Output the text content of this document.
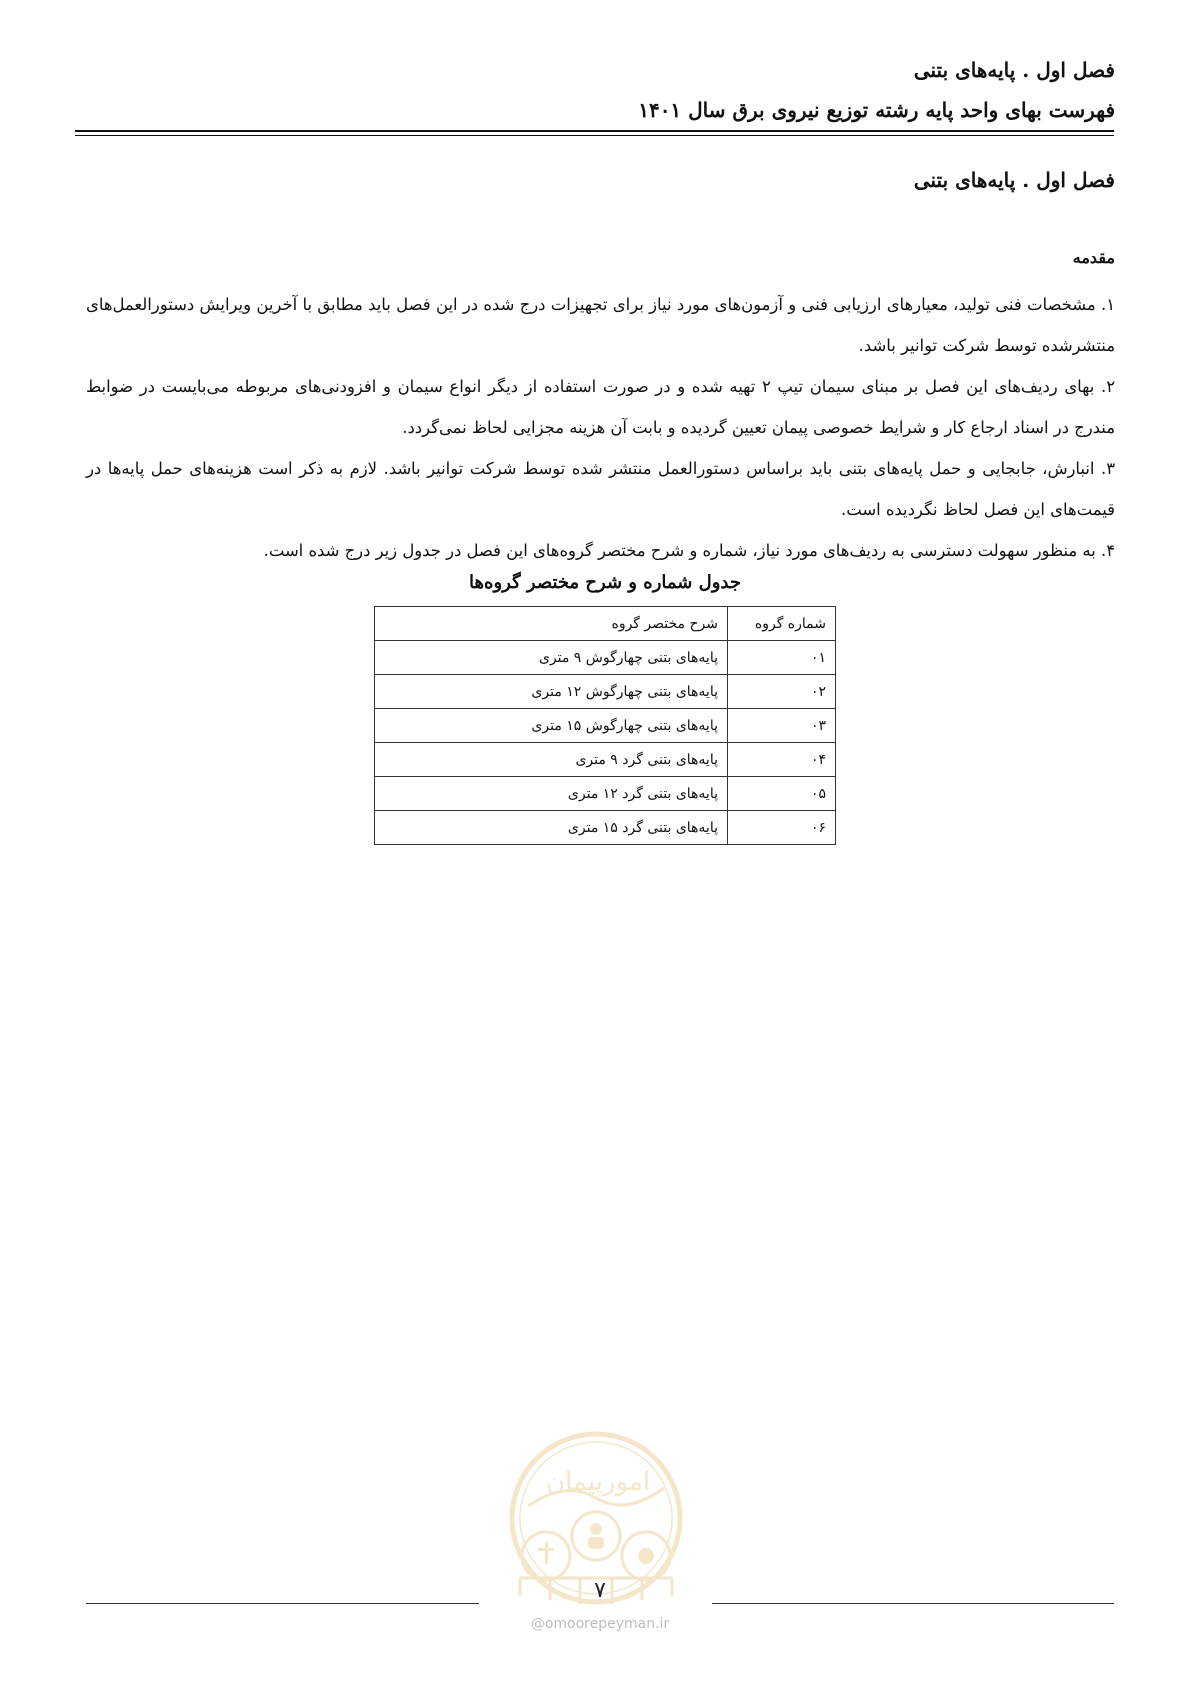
فصل اول . پایه‌های بتنی
فهرست بهای واحد پایه رشته توزیع نیروی برق سال ۱۴۰۱
فصل اول . پایه‌های بتنی
مقدمه

۱. مشخصات فنی تولید، معیارهای ارزیابی فنی و آزمون‌های مورد نیاز برای تجهیزات درج شده در این فصل باید مطابق با آخرین ویرایش دستورالعمل‌های منتشرشده توسط شرکت توانیر باشد.

۲. بهای ردیف‌های این فصل بر مبنای سیمان تیپ ۲ تهیه شده و در صورت استفاده از دیگر انواع سیمان و افزودنی‌های مربوطه می‌بایست در ضوابط مندرج در اسناد ارجاع کار و شرایط خصوصی پیمان تعیین گردیده و بابت آن هزینه مجزایی لحاظ نمی‌گردد.

۳. انبارش، جابجایی و حمل پایه‌های بتنی باید براساس دستورالعمل منتشر شده توسط شرکت توانیر باشد. لازم به ذکر است هزینه‌های حمل پایه‌ها در قیمت‌های این فصل لحاظ نگردیده است.

۴. به منظور سهولت دسترسی به ردیف‌های مورد نیاز، شماره و شرح مختصر گروه‌های این فصل در جدول زیر درج شده است.

جدول شماره و شرح مختصر گروه‌ها
شماره گروه	شرح مختصر گروه
۰۱	پایه‌های بتنی چهارگوش ۹ متری
۰۲	پایه‌های بتنی چهارگوش ۱۲ متری
۰۳	پایه‌های بتنی چهارگوش ۱۵ متری
۰۴	پایه‌های بتنی گرد ۹ متری
۰۵	پایه‌های بتنی گرد ۱۲ متری
۰۶	پایه‌های بتنی گرد ۱۵ متری
امورپیمان
۷
@omoorepeyman.ir
